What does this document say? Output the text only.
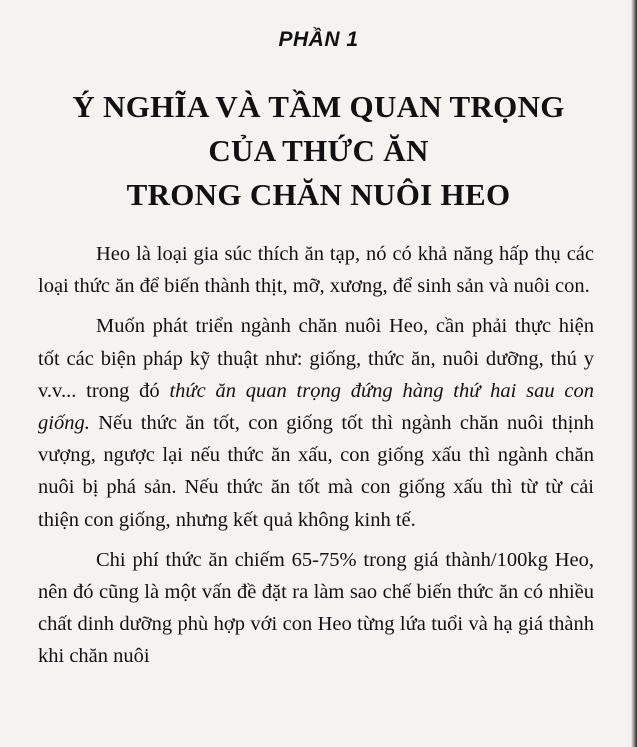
PHẦN 1
Ý NGHĨA VÀ TẦM QUAN TRỌNG
CỦA THỨC ĂN
TRONG CHĂN NUÔI HEO

Heo là loại gia súc thích ăn tạp, nó có khả năng hấp thụ các loại thức ăn để biến thành thịt, mỡ, xương, để sinh sản và nuôi con.

Muốn phát triển ngành chăn nuôi Heo, cần phải thực hiện tốt các biện pháp kỹ thuật như: giống, thức ăn, nuôi dưỡng, thú y v.v... trong đó thức ăn quan trọng đứng hàng thứ hai sau con giống. Nếu thức ăn tốt, con giống tốt thì ngành chăn nuôi thịnh vượng, ngược lại nếu thức ăn xấu, con giống xấu thì ngành chăn nuôi bị phá sản. Nếu thức ăn tốt mà con giống xấu thì từ từ cải thiện con giống, nhưng kết quả không kinh tế.

Chi phí thức ăn chiếm 65-75% trong giá thành/100kg Heo, nên đó cũng là một vấn đề đặt ra làm sao chế biến thức ăn có nhiều chất dinh dưỡng phù hợp với con Heo từng lứa tuổi và hạ giá thành khi chăn nuôi
